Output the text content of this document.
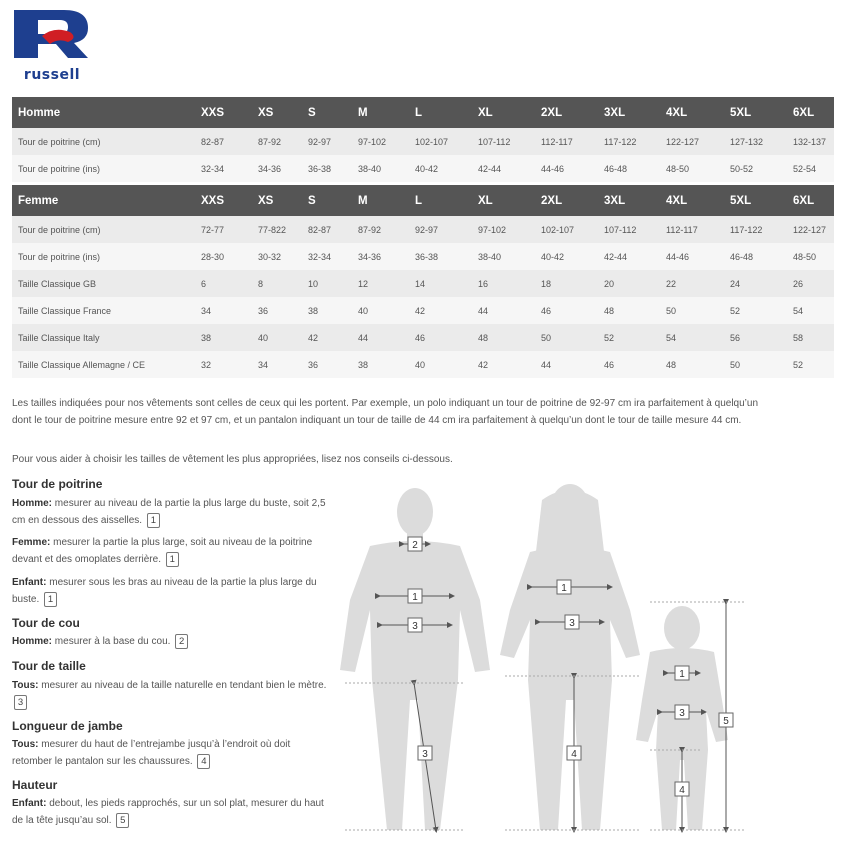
russell
Homme	XXS	XS	S	M	L	XL	2XL	3XL	4XL	5XL	6XL
Tour de poitrine (cm)	82-87	87-92	92-97	97-102	102-107	107-112	112-117	117-122	122-127	127-132	132-137
Tour de poitrine (ins)	32-34	34-36	36-38	38-40	40-42	42-44	44-46	46-48	48-50	50-52	52-54

Femme	XXS	XS	S	M	L	XL	2XL	3XL	4XL	5XL	6XL
Tour de poitrine (cm)	72-77	77-822	82-87	87-92	92-97	97-102	102-107	107-112	112-117	117-122	122-127
Tour de poitrine (ins)	28-30	30-32	32-34	34-36	36-38	38-40	40-42	42-44	44-46	46-48	48-50
Taille Classique GB	6	8	10	12	14	16	18	20	22	24	26
Taille Classique France	34	36	38	40	42	44	46	48	50	52	54
Taille Classique Italy	38	40	42	44	46	48	50	52	54	56	58
Taille Classique Allemagne / CE	32	34	36	38	40	42	44	46	48	50	52

Les tailles indiquées pour nos vêtements sont celles de ceux qui les portent. Par exemple, un polo indiquant un tour de poitrine de 92-97 cm ira parfaitement à quelqu’un dont le tour de poitrine mesure entre 92 et 97 cm, et un pantalon indiquant un tour de taille de 44 cm ira parfaitement à quelqu’un dont le tour de taille mesure 44 cm.

Pour vous aider à choisir les tailles de vêtement les plus appropriées, lisez nos conseils ci-dessous.

Tour de poitrine
Homme: mesurer au niveau de la partie la plus large du buste, soit 2,5 cm en dessous des aisselles. 1
Femme: mesurer la partie la plus large, soit au niveau de la poitrine devant et des omoplates derrière. 1
Enfant: mesurer sous les bras au niveau de la partie la plus large du buste. 1
Tour de cou
Homme: mesurer à la base du cou. 2
Tour de taille
Tous: mesurer au niveau de la taille naturelle en tendant bien le mètre. 3
Longueur de jambe
Tous: mesurer du haut de l’entrejambe jusqu’à l’endroit où doit retomber le pantalon sur les chaussures. 4
Hauteur
Enfant: debout, les pieds rapprochés, sur un sol plat, mesurer du haut de la tête jusqu’au sol. 5
2
1
3
3
1
3
4
1
3
4
5
